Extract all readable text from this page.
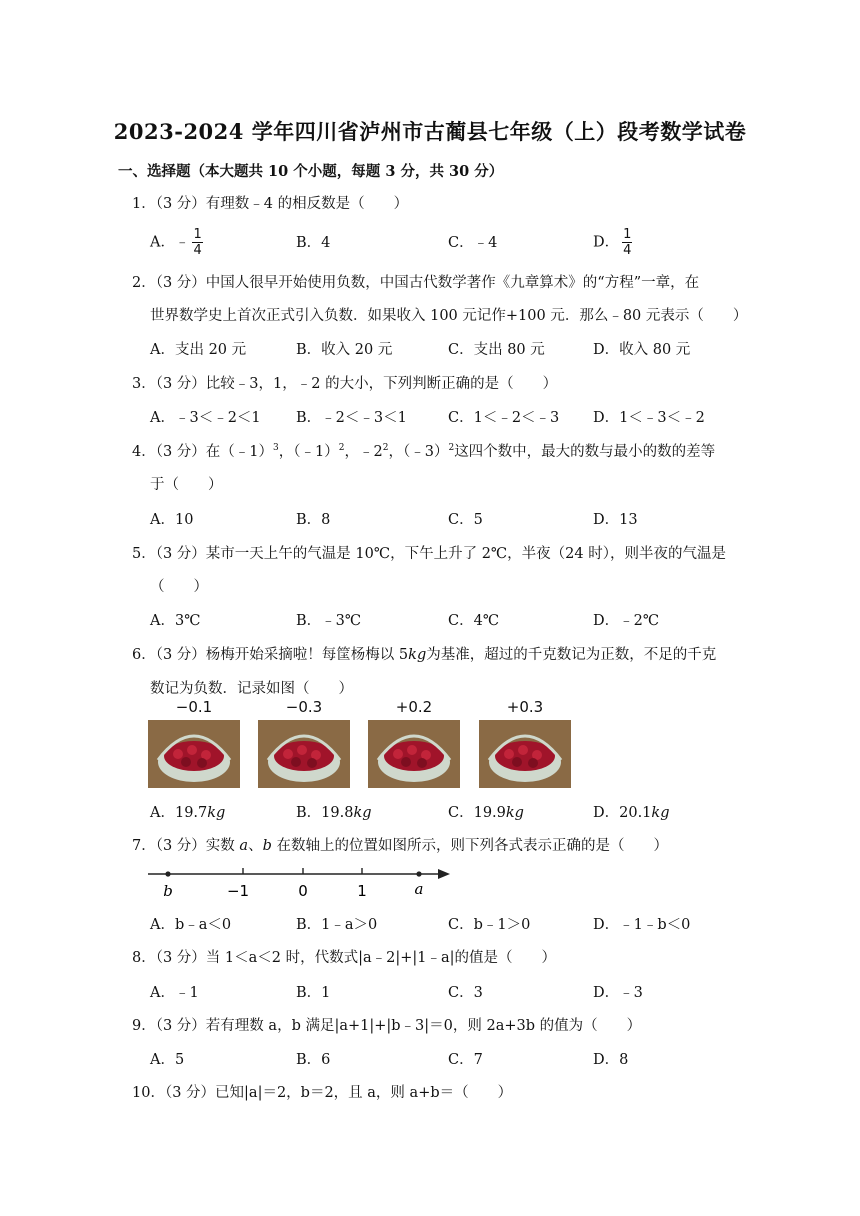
2023-2024 学年四川省泸州市古蔺县七年级（上）段考数学试卷
一、选择题（本大题共 10 个小题，每题 3 分，共 30 分）
1．（3 分）有理数﹣4 的相反数是（　　）
A．﹣ $\frac{1}{4}$	B．4	C．﹣4	D． $\frac{1}{4}$
2．（3 分）中国人很早开始使用负数，中国古代数学著作《九章算术》的“方程”一章，在
世界数学史上首次正式引入负数．如果收入 100 元记作+100 元．那么﹣80 元表示（　　）
A．支出 20 元	B．收入 20 元	C．支出 80 元	D．收入 80 元
3．（3 分）比较﹣3，1，﹣2 的大小，下列判断正确的是（　　）
A．﹣3＜﹣2＜1 B．﹣2＜﹣3＜1	C．1＜﹣2＜﹣3 D．1＜﹣3＜﹣2
4．（3 分）在（﹣1）$^3$，（﹣1）$^2$，$﹣2^2$，（﹣3）$^2$这四个数中，最大的数与最小的数的差等
于（　　）
A．10	B．8	C．5	D．13
5．（3 分）某市一天上午的气温是 10℃，下午上升了 2℃，半夜（24 时），则半夜的气温是
（　　）
A．3℃	B．﹣3℃	C．4℃	D．﹣2℃
6．（3 分）杨梅开始采摘啦！每筐杨梅以 5kg为基准，超过的千克数记为正数，不足的千克
数记为负数．记录如图（　　）
−0.1	−0.3	+0.2	+0.3
A．19.7kg	B．19.8kg	C．19.9kg	D．20.1kg
7．（3 分）实数 a、b 在数轴上的位置如图所示，则下列各式表示正确的是（　　）
b	−1	0	1	a
A．b﹣a＜0	B．1﹣a＞0	C．b﹣1＞0	D．﹣1﹣b＜0
8．（3 分）当 1＜a＜2 时，代数式|a﹣2|+|1﹣a|的值是（　　）
A．﹣1	B．1	C．3	D．﹣3
9．（3 分）若有理数 a，b 满足|a+1|+|b﹣3|＝0，则 2a+3b 的值为（　　）
A．5	B．6	C．7	D．8
10．（3 分）已知|a|＝2，b＝2，且 a，则 a+b＝（　　）
